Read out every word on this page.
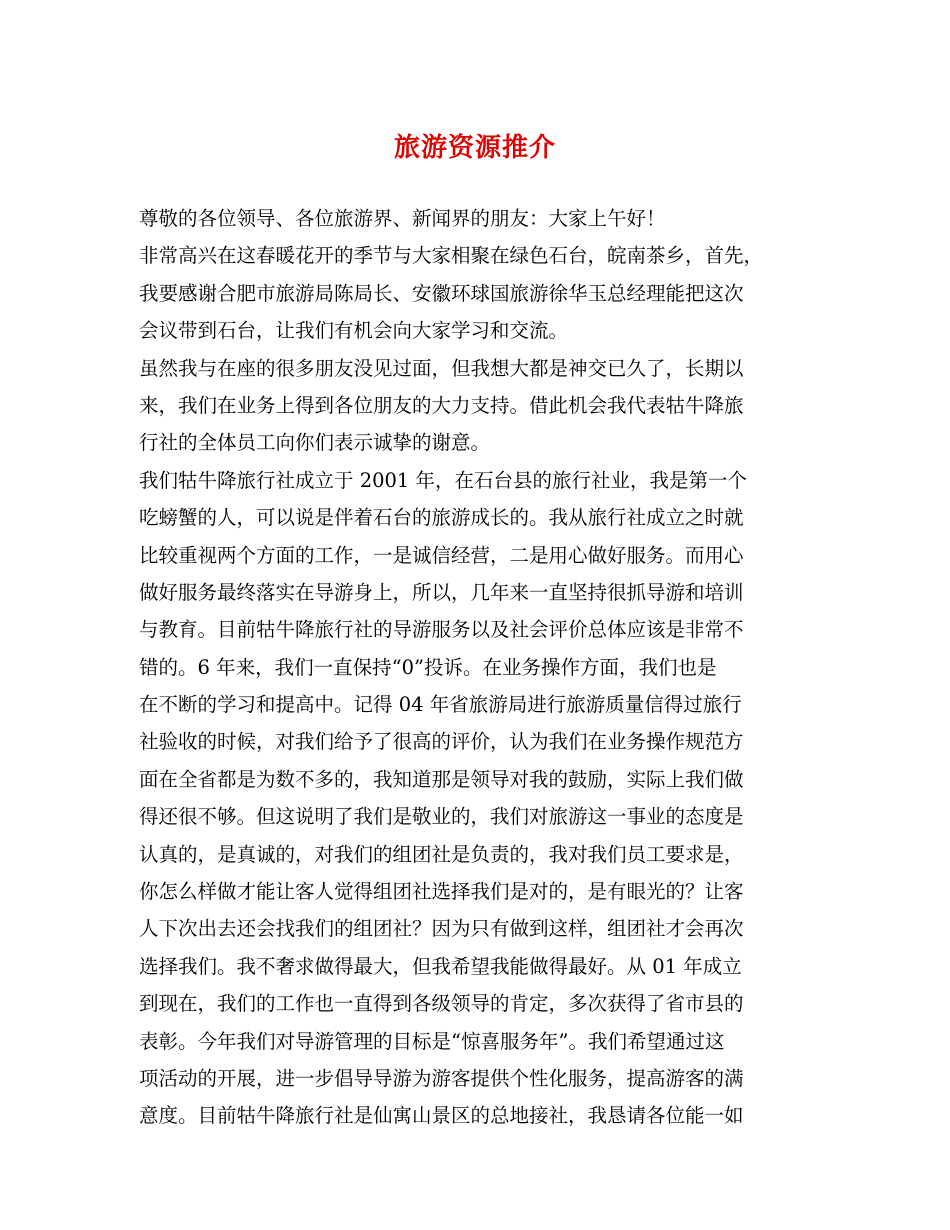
旅游资源推介
尊敬的各位领导、各位旅游界、新闻界的朋友：大家上午好！
非常高兴在这春暖花开的季节与大家相聚在绿色石台，皖南茶乡，首先，
我要感谢合肥市旅游局陈局长、安徽环球国旅游徐华玉总经理能把这次
会议带到石台，让我们有机会向大家学习和交流。
虽然我与在座的很多朋友没见过面，但我想大都是神交已久了，长期以
来，我们在业务上得到各位朋友的大力支持。借此机会我代表牯牛降旅
行社的全体员工向你们表示诚挚的谢意。
我们牯牛降旅行社成立于 2001 年，在石台县的旅行社业，我是第一个
吃螃蟹的人，可以说是伴着石台的旅游成长的。我从旅行社成立之时就
比较重视两个方面的工作，一是诚信经营，二是用心做好服务。而用心
做好服务最终落实在导游身上，所以，几年来一直坚持很抓导游和培训
与教育。目前牯牛降旅行社的导游服务以及社会评价总体应该是非常不
错的。6 年来，我们一直保持“0”投诉。在业务操作方面，我们也是
在不断的学习和提高中。记得 04 年省旅游局进行旅游质量信得过旅行
社验收的时候，对我们给予了很高的评价，认为我们在业务操作规范方
面在全省都是为数不多的，我知道那是领导对我的鼓励，实际上我们做
得还很不够。但这说明了我们是敬业的，我们对旅游这一事业的态度是
认真的，是真诚的，对我们的组团社是负责的，我对我们员工要求是，
你怎么样做才能让客人觉得组团社选择我们是对的，是有眼光的？让客
人下次出去还会找我们的组团社？因为只有做到这样，组团社才会再次
选择我们。我不奢求做得最大，但我希望我能做得最好。从 01 年成立
到现在，我们的工作也一直得到各级领导的肯定，多次获得了省市县的
表彰。今年我们对导游管理的目标是“惊喜服务年”。我们希望通过这
项活动的开展，进一步倡导导游为游客提供个性化服务，提高游客的满
意度。目前牯牛降旅行社是仙寓山景区的总地接社，我恳请各位能一如
